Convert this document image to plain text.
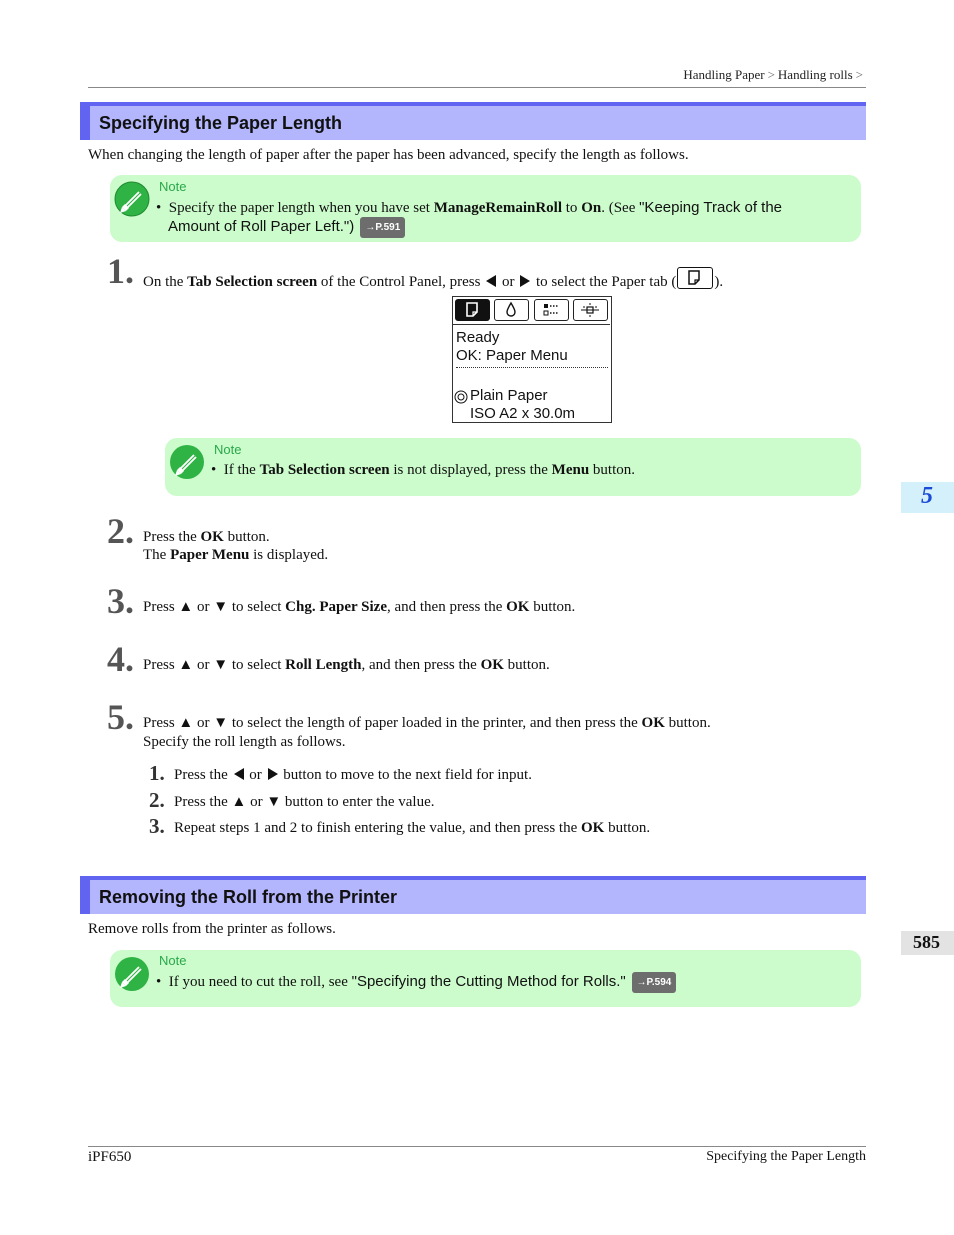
Handling Paper > Handling rolls >
Specifying the Paper Length
When changing the length of paper after the paper has been advanced, specify the length as follows.
Note
• Specify the paper length when you have set ManageRemainRoll to On. (See "Keeping Track of the
Amount of Roll Paper Left.") →P.591
1. On the Tab Selection screen of the Control Panel, press  or  to select the Paper tab (	).
Ready
OK: Paper Menu
Plain Paper
ISO A2 x 30.0m
Note
• If the Tab Selection screen is not displayed, press the Menu button.
5
2. Press the OK button.
The Paper Menu is displayed.
3. Press ▲ or ▼ to select Chg. Paper Size, and then press the OK button.
4. Press ▲ or ▼ to select Roll Length, and then press the OK button.
5. Press ▲ or ▼ to select the length of paper loaded in the printer, and then press the OK button.
Specify the roll length as follows.
1. Press the  or  button to move to the next field for input.
2. Press the ▲ or ▼ button to enter the value.
3. Repeat steps 1 and 2 to finish entering the value, and then press the OK button.
Removing the Roll from the Printer
Remove rolls from the printer as follows.
585
Note
• If you need to cut the roll, see "Specifying the Cutting Method for Rolls." →P.594
iPF650	Specifying the Paper Length
